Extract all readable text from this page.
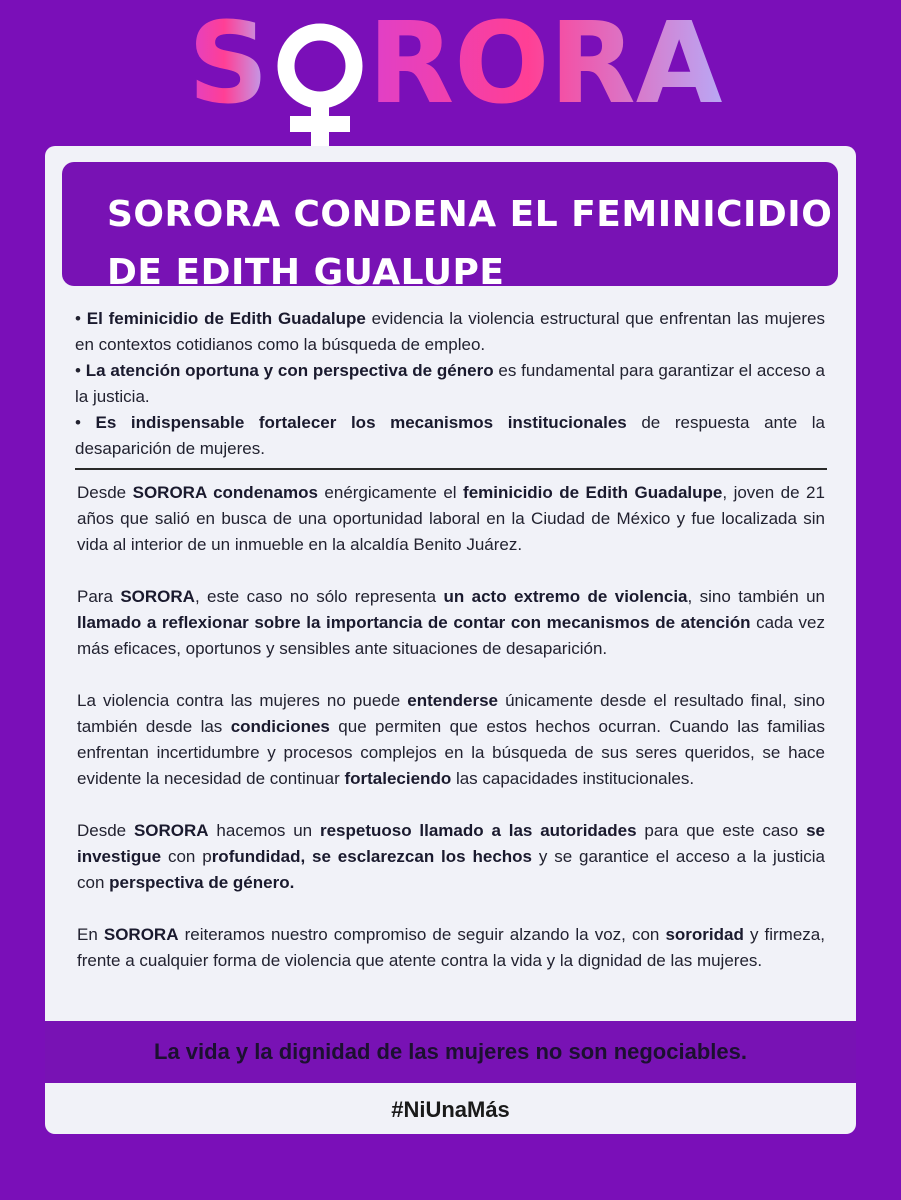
S RORA
SORORA CONDENA EL FEMINICIDIO
DE EDITH GUALUPE

• El feminicidio de Edith Guadalupe evidencia la violencia estructural que enfrentan las mujeres en contextos cotidianos como la búsqueda de empleo.

• La atención oportuna y con perspectiva de género es fundamental para garantizar el acceso a la justicia.

• Es indispensable fortalecer los mecanismos institucionales de respuesta ante la desaparición de mujeres.

Desde SORORA condenamos enérgicamente el feminicidio de Edith Guadalupe, joven de 21 años que salió en busca de una oportunidad laboral en la Ciudad de México y fue localizada sin vida al interior de un inmueble en la alcaldía Benito Juárez.

Para SORORA, este caso no sólo representa un acto extremo de violencia, sino también un llamado a reflexionar sobre la importancia de contar con mecanismos de atención cada vez más eficaces, oportunos y sensibles ante situaciones de desaparición.

La violencia contra las mujeres no puede entenderse únicamente desde el resultado final, sino también desde las condiciones que permiten que estos hechos ocurran. Cuando las familias enfrentan incertidumbre y procesos complejos en la búsqueda de sus seres queridos, se hace evidente la necesidad de continuar fortaleciendo las capacidades institucionales.

Desde SORORA hacemos un respetuoso llamado a las autoridades para que este caso se investigue con profundidad, se esclarezcan los hechos y se garantice el acceso a la justicia con perspectiva de género.

En SORORA reiteramos nuestro compromiso de seguir alzando la voz, con sororidad y firmeza, frente a cualquier forma de violencia que atente contra la vida y la dignidad de las mujeres.

La vida y la dignidad de las mujeres no son negociables.
#NiUnaMás
